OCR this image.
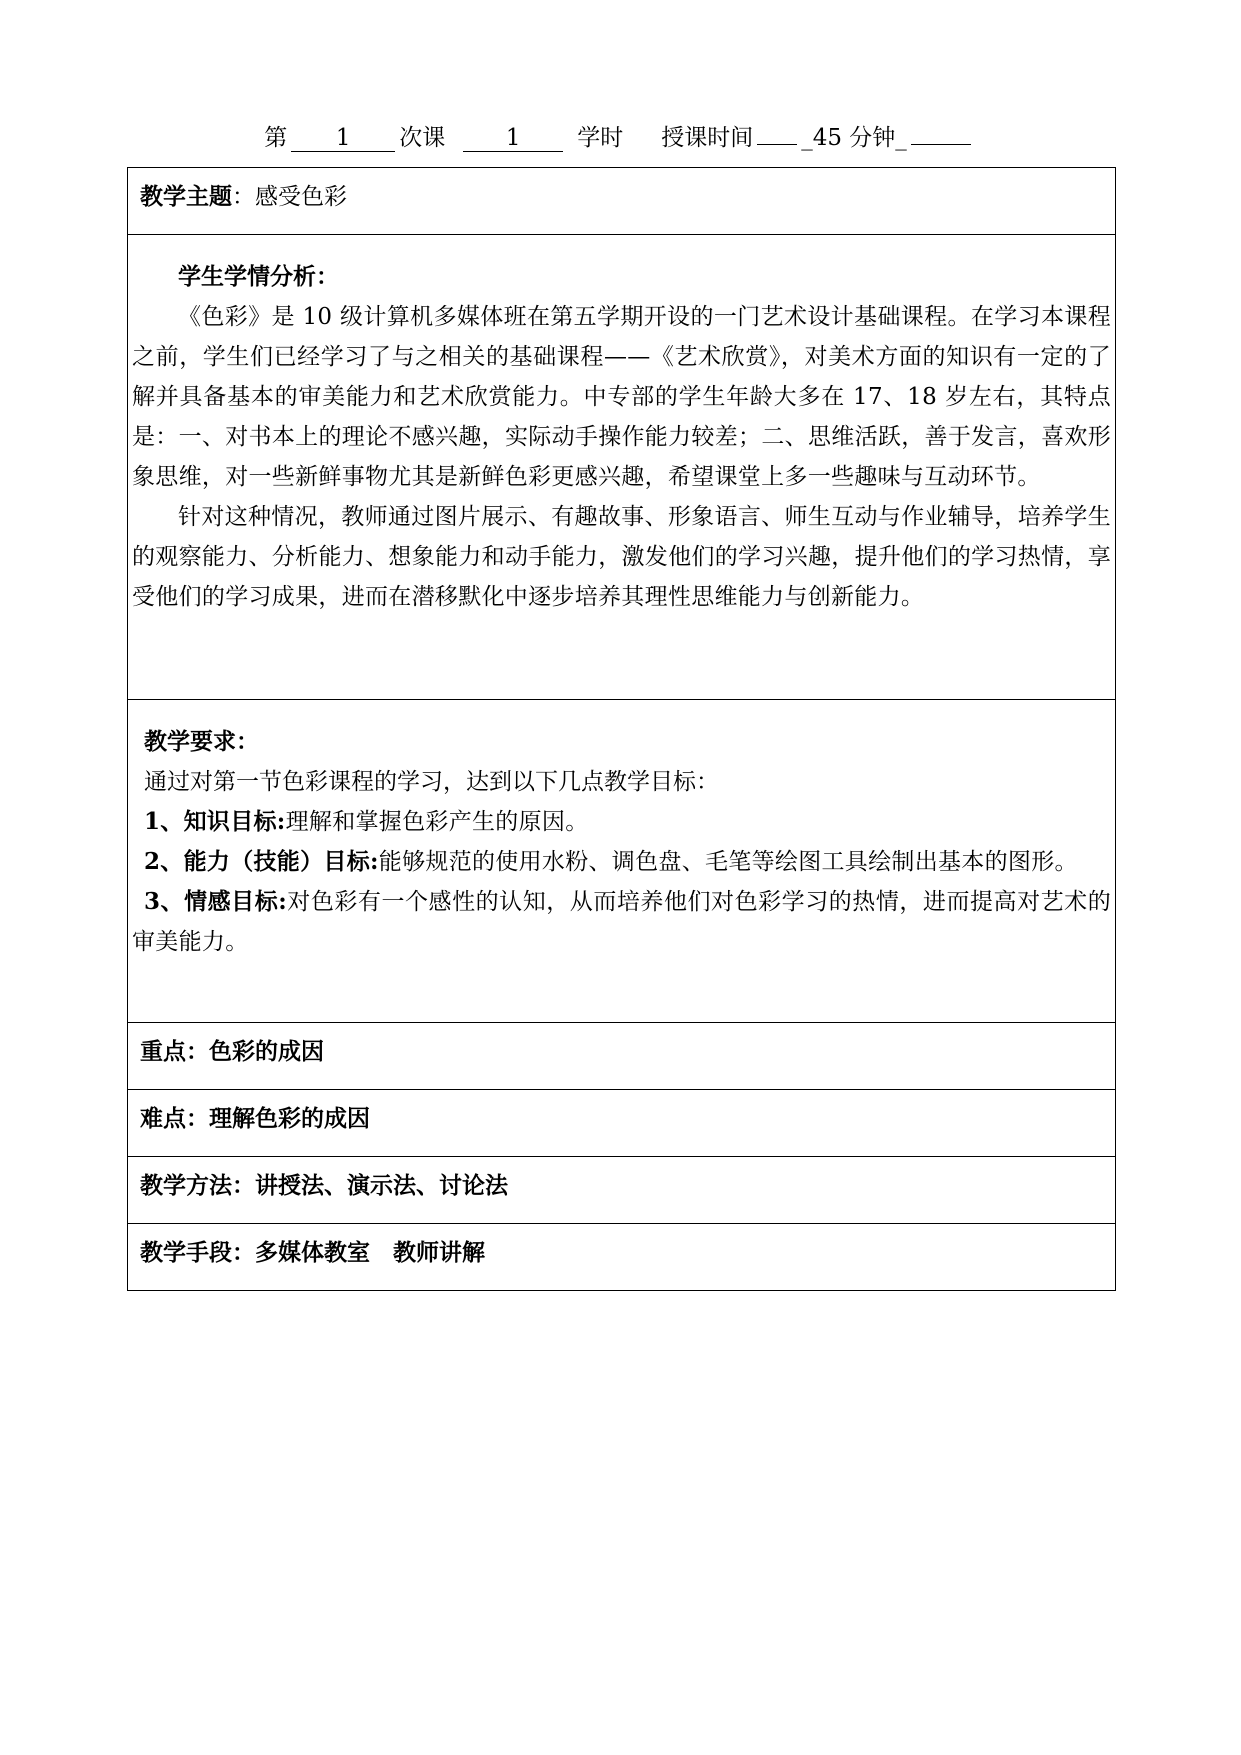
第 1 次课	1 学时 授课时间 _45 分钟_
教学主题：感受色彩

学生学情分析：
《色彩》是 10 级计算机多媒体班在第五学期开设的一门艺术设计基础课程。在学习本课程之前，学生们已经学习了与之相关的基础课程——《艺术欣赏》，对美术方面的知识有一定的了解并具备基本的审美能力和艺术欣赏能力。中专部的学生年龄大多在 17、18 岁左右，其特点是：一、对书本上的理论不感兴趣，实际动手操作能力较差；二、思维活跃，善于发言，喜欢形象思维，对一些新鲜事物尤其是新鲜色彩更感兴趣，希望课堂上多一些趣味与互动环节。
针对这种情况，教师通过图片展示、有趣故事、形象语言、师生互动与作业辅导，培养学生的观察能力、分析能力、想象能力和动手能力，激发他们的学习兴趣，提升他们的学习热情，享受他们的学习成果，进而在潜移默化中逐步培养其理性思维能力与创新能力。

教学要求：
通过对第一节色彩课程的学习，达到以下几点教学目标：
1、知识目标:理解和掌握色彩产生的原因。
2、能力（技能）目标:能够规范的使用水粉、调色盘、毛笔等绘图工具绘制出基本的图形。
3、情感目标:对色彩有一个感性的认知，从而培养他们对色彩学习的热情，进而提高对艺术的审美能力。

重点：色彩的成因
难点：理解色彩的成因
教学方法：讲授法、演示法、讨论法
教学手段：多媒体教室　教师讲解
